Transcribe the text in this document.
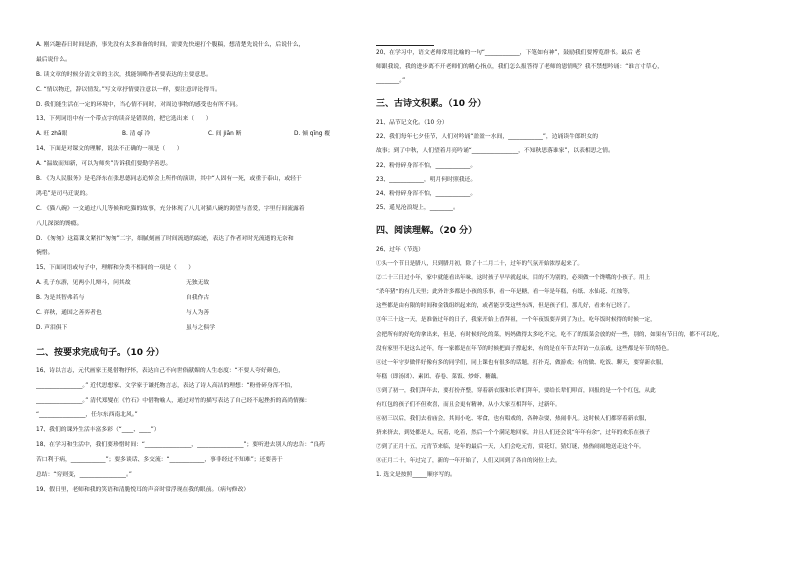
A. 刚兴趣春日时间是游，事先没有太多准备的时间，需要先快速打个腹稿，想清楚先说什么，后说什么，
最后说什么。
B. 读文章的时候分清文章的主次，找能领略作者要表达的主要意思。
C. “情以物迁，辞以情发。”写文章抒情要注意以一样，要注意评论得当。
D. 我们能生活在一定的环境中，当心情不同时，对周边事物的感受也有所不同。
13、下列词语中有一个带点字的读音是错误的，把它选出来（　　）
A. 旺 zhā眼	B. 清 qī 冷	C. 间 jiān 断	D. 倾 qīng 覆
14、下面是对课文的理解，说法不正确的一项是（　　）
A. “温故而知新，可以为师矣”告诉我们要勤学善思。
B. 《为人民服务》是毛泽东在张思德同志追悼会上所作的演讲，其中“人固有一死，或重于泰山，或轻于
鸿毛”是司马迁说的。
C. 《猫八碗》一文通过八儿等候和吃猫的故事，充分体现了八儿对猫八碗的渴望与喜爱，字里行间流露着
八儿深深的馋瘾。
D. 《匆匆》这篇课文紧扣“匆匆”二字，细腻刻画了时间流逝的踪迹，表达了作者对时光流逝的无奈和
惋惜。
15、下面词语或句子中，理解和分类不相同的一项是（　　）
A. 孔子东游，见两小儿辩斗，问其故	无独无故
B. 为是其智弗若与	自我作古
C. 弈秋，通国之善弈者也	与人为善
D. 声泪俱下	虽与之俱学
二、按要求完成句子。（10 分）
16、诗以言志，元代画家王冕借物抒怀，表达自己不向世俗献媚的人生态度：“不要人夸好颜色，
________________。” 近代思想家、文学家于谦托物言志，表达了诗人高洁的理想：“粉骨碎身浑不怕，
________________。” 清代郑燮在《竹石》中借物喻人，通过对竹的描写表达了自己经不起挫折的高尚情操：
“________________，任尔东西南北风。”
17、我们的课外生活丰富多彩（“____、____”）
18、在学习和生活中，我们要珍惜时间：“________________，________________”；要听进去别人的忠告：“良药
苦口利于病，____________”；要多谈话、多交流：“____________，事非经过不知难”；还要善于
总结：“穷则变，________________。”
19、假日里，老师和我的笑语和清脆悦耳的声音时常浮现在我的眼前。（病句修改）
20、在学习中，语文老师常用比喻的一句“____________，下笔如有神”，鼓励我们要博览群书。最后 老
师跟我说，我的进步离不开老师们的精心指点，我们怎么报答得了老师的恩情呢？我不禁想吟诵：“谁言寸草心，
________。”
三、古诗文积累。（10 分）
21、品节记文化。（10 分）
22、我们每年七夕佳节，人们对吟诵“盈盈一水间，____________”，边诵读牛郎织女的
故事；到了中秋，人们望着月亮吟诵“________________，不知秋思落谁家”，以表相思之情。
22、粉骨碎身浑不怕，____________。
23、____________，明月何时照我还。
24、粉骨碎身浑不怕，____________。
25、遥见沧浪堤上，________。
四、阅读理解。（20 分）
26、过年（节选）
①头一个节日是腊八，只到腊月初，除了十二月二十，过年的气氛开始浓厚起来了。
②二十三日过小年，家中就能看出年味。这时孩子早早就起床，目的不为别的，必须做一个馋嘴的小孩子。用上
“杀年猪”的有几天里；此外许多都是小孩的乐事，看一年是糖，看一年是年糕，有纸、水仙花、红烛等，
这些都是由有限的时间和金钱组织起来的，或者能享受这些东西，但是孩子们，那儿好，看来有已经了。
③年三十这一天，是准备过年的日子，我家开始上香拜祖，一个年夜饭要弄到了为止，吃年饭时候得的时候一定，
会把所有的好吃的拿出来，但是，有时候好吃的菜，妈妈做得太多吃不完，吃不了的饭菜会放的好一些，别的，如果有节日的，都不可以吃，
没有家里不是这么过年，每一家都是在年节的时候把面子撑起来，有的是在年节去拜访一点亲戚，这些都是年节的特色。
④过一年守岁做伴好像有多的同学们，同上课也有很多的话题，打扑克，做游戏；有的做、吃饭、聊天，要穿新衣服，
年糕（即汤团）、素团、春卷、菜饭、炒虾、糖藕。
⑤到了初一，我们拜年去，要打扮齐整，穿着新衣服和长辈们拜年，要给长辈们叩首，回报的是一个个红包，从此
有红包的孩子们不但欢喜，而且会更有精神，从小大家互相拜年，过新年。
⑥初三以后，我们去看庙会，其间小吃、零食，也有唱戏的，各种杂耍，热闹非凡。这时候人们都穿着新衣服，
挤来挤去，到处都是人，玩着，吃着，然后一个个满足地回家，并且人们还会说“年年有余”，过年的欢乐在孩子
⑦到了正月十五，元宵节来临，是年的最后一天，人们会吃元宵，赏花灯，猜灯谜，热热闹闹地送走这个年。
⑧正月二十，年过完了，新的一年开始了，人们又回到了各自的岗位上去。
1. 选文是按照_____顺序写的。
